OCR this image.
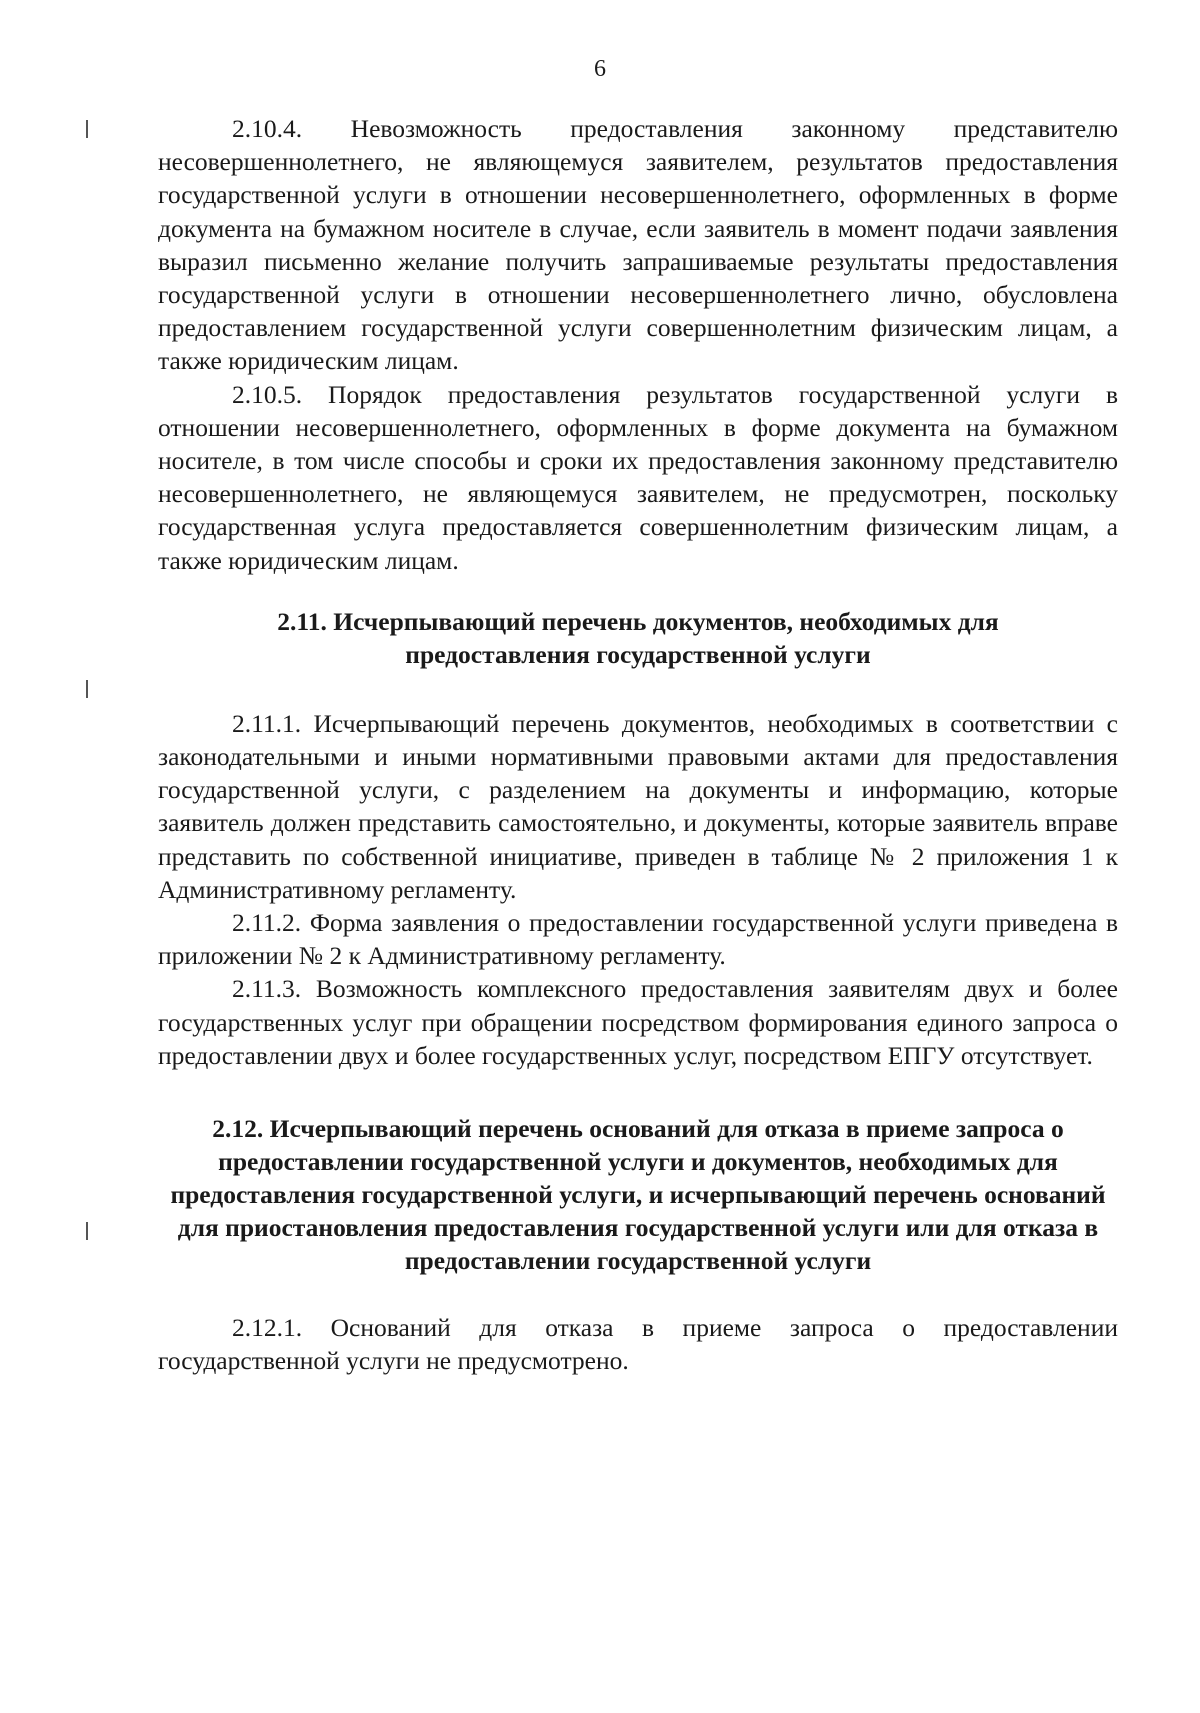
6

2.10.4. Невозможность предоставления законному представителю несовершеннолетнего, не являющемуся заявителем, результатов предоставления государственной услуги в отношении несовершеннолетнего, оформленных в форме документа на бумажном носителе в случае, если заявитель в момент подачи заявления выразил письменно желание получить запрашиваемые результаты предоставления государственной услуги в отношении несовершеннолетнего лично, обусловлена предоставлением государственной услуги совершеннолетним физическим лицам, а также юридическим лицам.

2.10.5. Порядок предоставления результатов государственной услуги в отношении несовершеннолетнего, оформленных в форме документа на бумажном носителе, в том числе способы и сроки их предоставления законному представителю несовершеннолетнего, не являющемуся заявителем, не предусмотрен, поскольку государственная услуга предоставляется совершеннолетним физическим лицам, а также юридическим лицам.

2.11. Исчерпывающий перечень документов, необходимых для предоставления государственной услуги

2.11.1. Исчерпывающий перечень документов, необходимых в соответствии с законодательными и иными нормативными правовыми актами для предоставления государственной услуги, с разделением на документы и информацию, которые заявитель должен представить самостоятельно, и документы, которые заявитель вправе представить по собственной инициативе, приведен в таблице № 2 приложения 1 к Административному регламенту.

2.11.2. Форма заявления о предоставлении государственной услуги приведена в приложении № 2 к Административному регламенту.

2.11.3. Возможность комплексного предоставления заявителям двух и более государственных услуг при обращении посредством формирования единого запроса о предоставлении двух и более государственных услуг, посредством ЕПГУ отсутствует.

2.12. Исчерпывающий перечень оснований для отказа в приеме запроса о предоставлении государственной услуги и документов, необходимых для предоставления государственной услуги, и исчерпывающий перечень оснований для приостановления предоставления государственной услуги или для отказа в предоставлении государственной услуги

2.12.1. Оснований для отказа в приеме запроса о предоставлении государственной услуги не предусмотрено.
